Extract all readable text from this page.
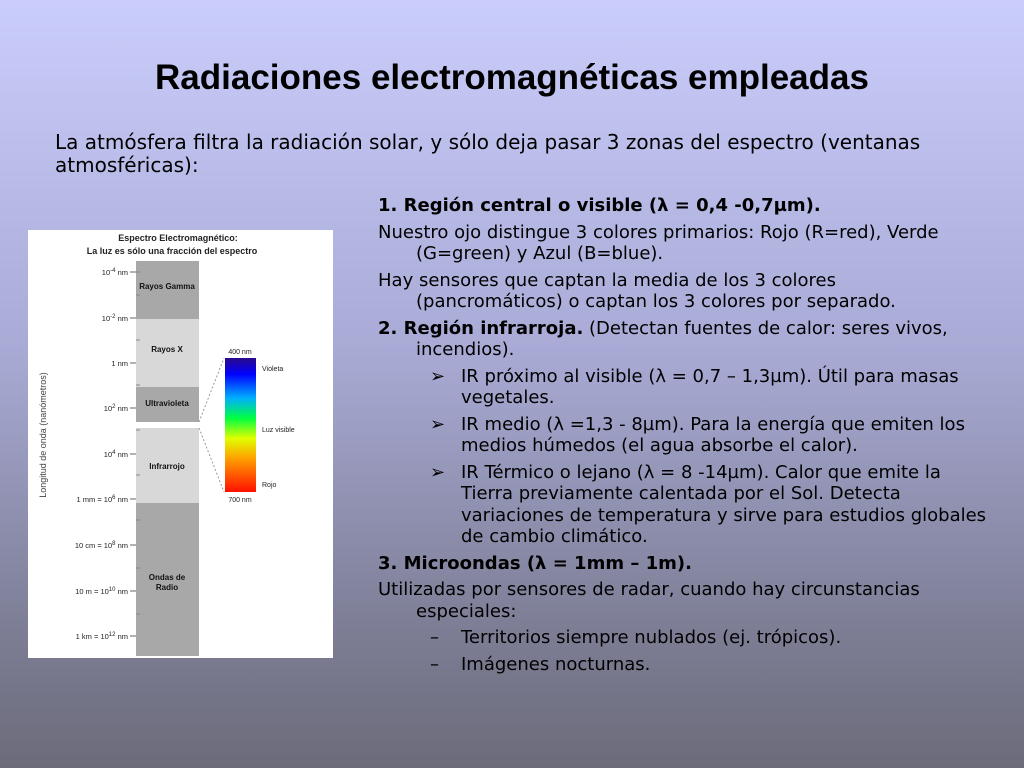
Radiaciones electromagnéticas empleadas
La atmósfera filtra la radiación solar, y sólo deja pasar 3 zonas del espectro (ventanas atmosféricas):
Espectro Electromagnético:
La luz es sólo una fracción del espectro
Longitud de onda (nanómetros)
Rayos Gamma
Rayos X
Ultravioleta
Infrarrojo
Ondas de
Radio
$10^{-4}$ nm
$10^{-2}$ nm
1 nm
$10^2$ nm
$10^4$ nm
1 mm = $10^6$ nm
10 cm = $10^8$ nm
10 $m = 10^{10}$ nm
1 km = $10^{12}$ nm
400 nm
700 nm
Violeta
Luz visible
Rojo

1. Región central o visible (λ = 0,4 -0,7µm).

Nuestro ojo distingue 3 colores primarios: Rojo (R=red), Verde (G=green) y Azul (B=blue).

Hay sensores que captan la media de los 3 colores (pancromáticos) o captan los 3 colores por separado.

2. Región infrarroja. (Detectan fuentes de calor: seres vivos, incendios).

➢ IR próximo al visible (λ = 0,7 – 1,3µm). Útil para masas vegetales.
➢ IR medio (λ =1,3 - 8µm). Para la energía que emiten los medios húmedos (el agua absorbe el calor).
➢ IR Térmico o lejano (λ = 8 -14µm). Calor que emite la Tierra previamente calentada por el Sol. Detecta variaciones de temperatura y sirve para estudios globales de cambio climático.

3. Microondas (λ = 1mm – 1m).

Utilizadas por sensores de radar, cuando hay circunstancias especiales:

– Territorios siempre nublados (ej. trópicos).
– Imágenes nocturnas.
